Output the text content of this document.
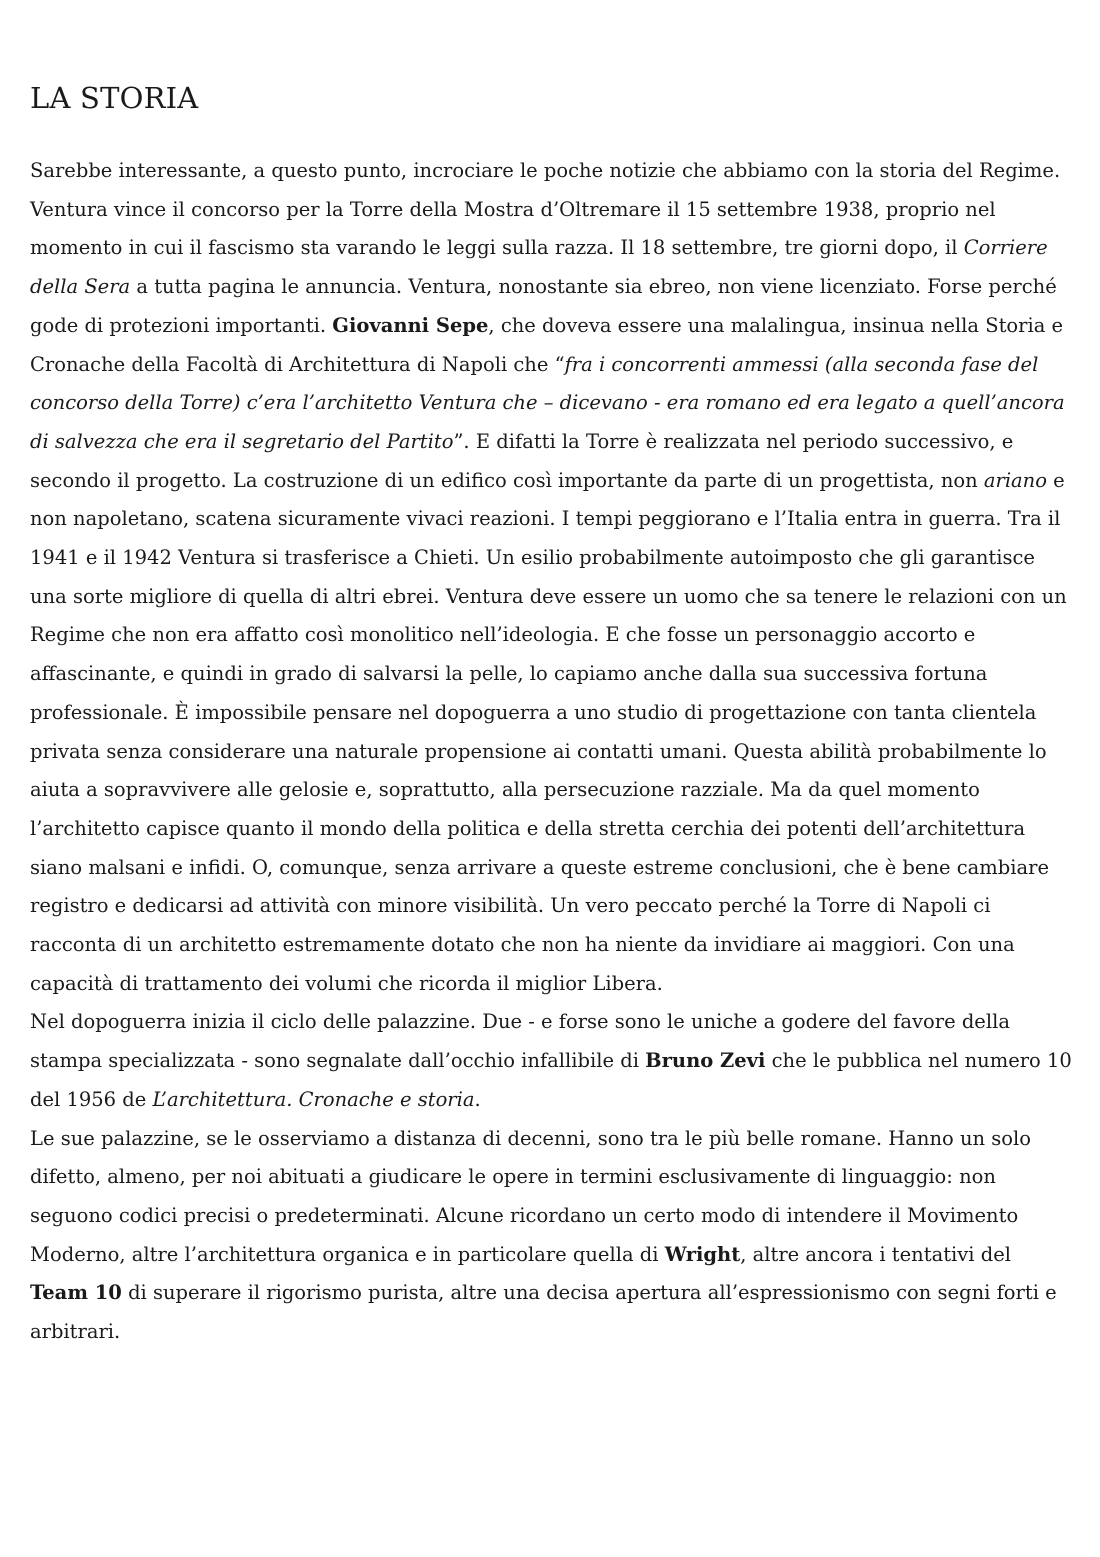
LA STORIA

Sarebbe interessante, a questo punto, incrociare le poche notizie che abbiamo con la storia del Regime. Ventura vince il concorso per la Torre della Mostra d’Oltremare il 15 settembre 1938, proprio nel momento in cui il fascismo sta varando le leggi sulla razza. Il 18 settembre, tre giorni dopo, il Corriere della Sera a tutta pagina le annuncia. Ventura, nonostante sia ebreo, non viene licenziato. Forse perché gode di protezioni importanti. Giovanni Sepe, che doveva essere una malalingua, insinua nella Storia e Cronache della Facoltà di Architettura di Napoli che “fra i concorrenti ammessi (alla seconda fase del concorso della Torre) c’era l’architetto Ventura che – dicevano - era romano ed era legato a quell’ancora di salvezza che era il segretario del Partito”. E difatti la Torre è realizzata nel periodo successivo, e secondo il progetto. La costruzione di un edifico così importante da parte di un progettista, non ariano e non napoletano, scatena sicuramente vivaci reazioni. I tempi peggiorano e l’Italia entra in guerra. Tra il 1941 e il 1942 Ventura si trasferisce a Chieti. Un esilio probabilmente autoimposto che gli garantisce una sorte migliore di quella di altri ebrei. Ventura deve essere un uomo che sa tenere le relazioni con un Regime che non era affatto così monolitico nell’ideologia. E che fosse un personaggio accorto e affascinante, e quindi in grado di salvarsi la pelle, lo capiamo anche dalla sua successiva fortuna professionale. È impossibile pensare nel dopoguerra a uno studio di progettazione con tanta clientela privata senza considerare una naturale propensione ai contatti umani. Questa abilità probabilmente lo aiuta a sopravvivere alle gelosie e, soprattutto, alla persecuzione razziale. Ma da quel momento l’architetto capisce quanto il mondo della politica e della stretta cerchia dei potenti dell’architettura siano malsani e infidi. O, comunque, senza arrivare a queste estreme conclusioni, che è bene cambiare registro e dedicarsi ad attività con minore visibilità. Un vero peccato perché la Torre di Napoli ci racconta di un architetto estremamente dotato che non ha niente da invidiare ai maggiori. Con una capacità di trattamento dei volumi che ricorda il miglior Libera.

Nel dopoguerra inizia il ciclo delle palazzine. Due - e forse sono le uniche a godere del favore della stampa specializzata - sono segnalate dall’occhio infallibile di Bruno Zevi che le pubblica nel numero 10 del 1956 de L’architettura. Cronache e storia.

Le sue palazzine, se le osserviamo a distanza di decenni, sono tra le più belle romane. Hanno un solo difetto, almeno, per noi abituati a giudicare le opere in termini esclusivamente di linguaggio: non seguono codici precisi o predeterminati. Alcune ricordano un certo modo di intendere il Movimento Moderno, altre l’architettura organica e in particolare quella di Wright, altre ancora i tentativi del Team 10 di superare il rigorismo purista, altre una decisa apertura all’espressionismo con segni forti e arbitrari.
